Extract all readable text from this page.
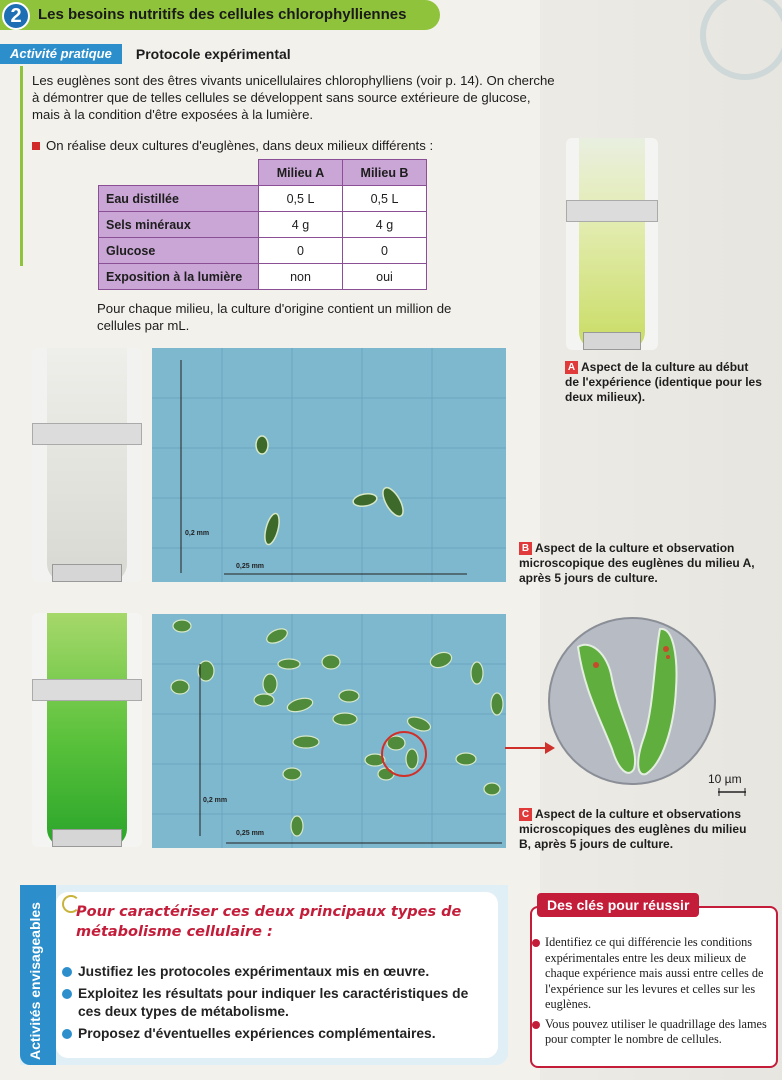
2	Les besoins nutritifs des cellules chlorophylliennes
Activité pratique	Protocole expérimental

Les euglènes sont des êtres vivants unicellulaires chlorophylliens (voir p. 14). On cherche à démontrer que de telles cellules se développent sans source extérieure de glucose, mais à la condition d'être exposées à la lumière.

On réalise deux cultures d'euglènes, dans deux milieux différents :
	Milieu A	Milieu B
Eau distillée	0,5 L	0,5 L
Sels minéraux	4 g	4 g
Glucose	0	0
Exposition à la lumière	non	oui

Pour chaque milieu, la culture d'origine contient un million de cellules par mL.

A Aspect de la culture au début de l'expérience (identique pour les deux milieux).
0,2 mm
0,25 mm
B Aspect de la culture et observation microscopique des euglènes du milieu A, après 5 jours de culture.
0,2 mm
0,25 mm
10 µm
C Aspect de la culture et observations microscopiques des euglènes du milieu B, après 5 jours de culture.
Activités envisageables Pour caractériser ces deux principaux types de métabolisme cellulaire :
Justifiez les protocoles expérimentaux mis en œuvre.
Exploitez les résultats pour indiquer les caractéristiques de ces deux types de métabolisme.
Proposez d'éventuelles expériences complémentaires.
Des clés pour réussir
Identifiez ce qui différencie les conditions expérimentales entre les deux milieux de chaque expérience mais aussi entre celles de l'expérience sur les levures et celles sur les euglènes.
Vous pouvez utiliser le quadrillage des lames pour compter le nombre de cellules.
